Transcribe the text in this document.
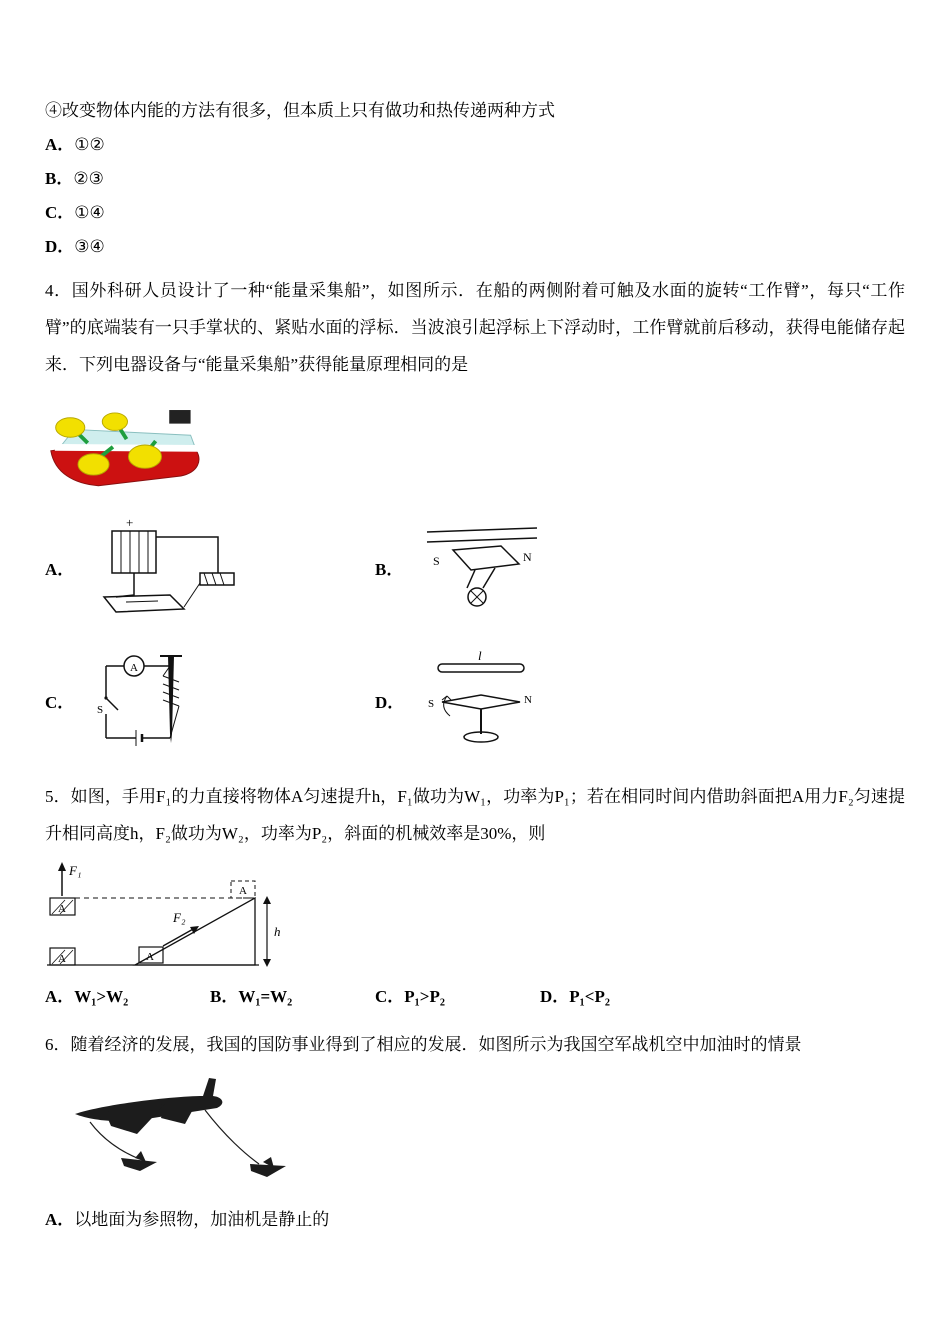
④改变物体内能的方法有很多，但本质上只有做功和热传递两种方式
A．①②
B．②③
C．①④
D．③④
4．国外科研人员设计了一种“能量采集船”，如图所示．在船的两侧附着可触及水面的旋转“工作臂”，每只“工作臂”的底端装有一只手掌状的、紧贴水面的浮标．当波浪引起浮标上下浮动时，工作臂就前后移动，获得电能储存起来．下列电器设备与“能量采集船”获得能量原理相同的是
A．
+
B．	S	N
C．
A
S	D．
l
S	N
5．如图，手用F₁的力直接将物体A匀速提升h，F₁做功为W₁，功率为P₁；若在相同时间内借助斜面把A用力F₂匀速提升相同高度h，F₂做功为W₂，功率为P₂，斜面的机械效率是30%，则
F₁
A
A
A
A
F₂
h
A．W₁>W₂	B．W₁=W₂	C．P₁>P₂	D．P₁<P₂
6．随着经济的发展，我国的国防事业得到了相应的发展．如图所示为我国空军战机空中加油时的情景
A．以地面为参照物，加油机是静止的
